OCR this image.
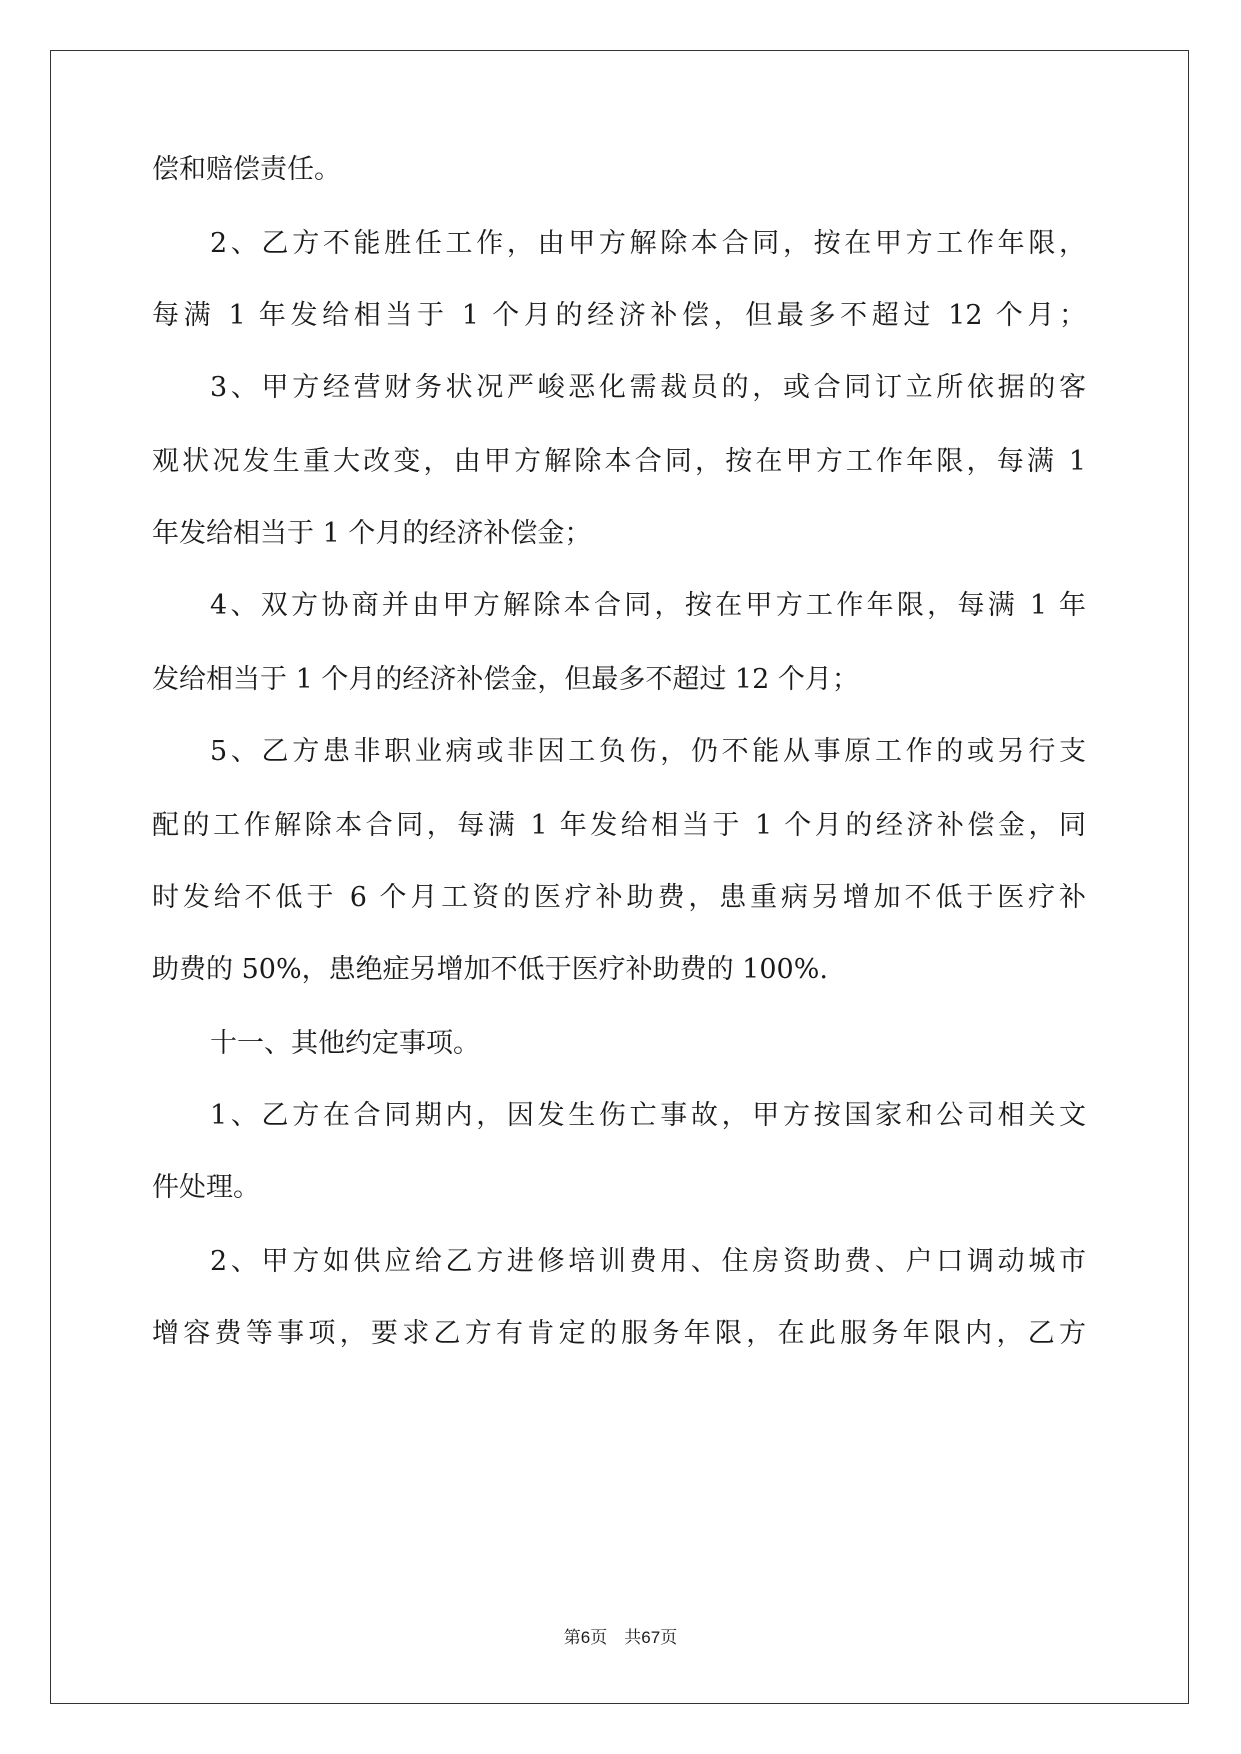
偿和赔偿责任。
2、乙方不能胜任工作，由甲方解除本合同，按在甲方工作年限，
每满 1 年发给相当于 1 个月的经济补偿，但最多不超过 12 个月；
3、甲方经营财务状况严峻恶化需裁员的，或合同订立所依据的客
观状况发生重大改变，由甲方解除本合同，按在甲方工作年限，每满 1
年发给相当于 1 个月的经济补偿金；
4、双方协商并由甲方解除本合同，按在甲方工作年限，每满 1 年
发给相当于 1 个月的经济补偿金，但最多不超过 12 个月；
5、乙方患非职业病或非因工负伤，仍不能从事原工作的或另行支
配的工作解除本合同，每满 1 年发给相当于 1 个月的经济补偿金，同
时发给不低于 6 个月工资的医疗补助费，患重病另增加不低于医疗补
助费的 50%，患绝症另增加不低于医疗补助费的 100%.
十一、其他约定事项。
1、乙方在合同期内，因发生伤亡事故，甲方按国家和公司相关文
件处理。
2、甲方如供应给乙方进修培训费用、住房资助费、户口调动城市
增容费等事项，要求乙方有肯定的服务年限，在此服务年限内，乙方
第6页　共67页
